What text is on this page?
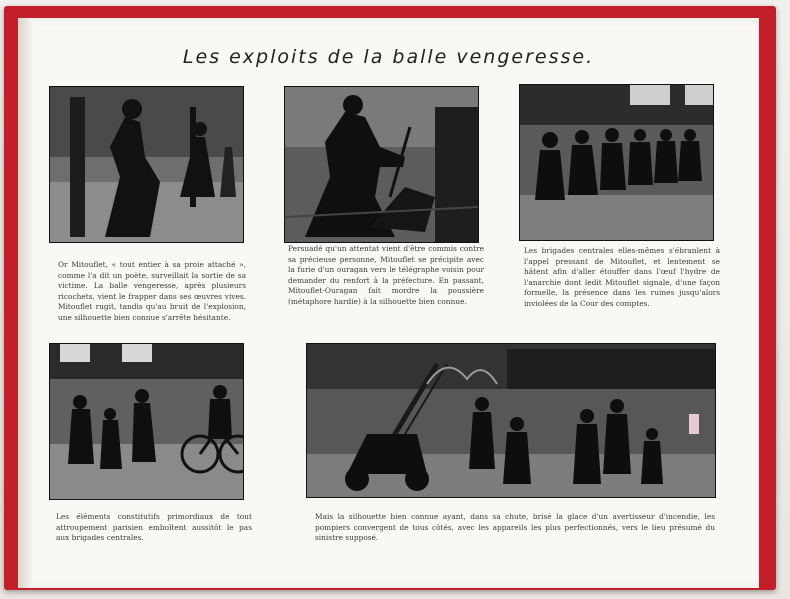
Les exploits de la balle vengeresse.
Or Mitouflet, « tout entier à sa proie attaché », comme l'a dit un poète, surveillait la sortie de sa victime. La balle vengeresse, après plusieurs ricochets, vient le frapper dans ses œuvres vives. Mitouflet rugit, tandis qu'au bruit de l'explosion, une silhouette bien connue s'arrête hésitante.
Persuadé qu'un attentat vient d'être commis contre sa précieuse personne, Mitouflet se précipite avec la furie d'un ouragan vers le télégraphe voisin pour demander du renfort à la préfecture. En passant, Mitouflet-Ouragan fait mordre la poussière (métaphore hardie) à la silhouette bien connue.
Les brigades centrales elles-mêmes s'ébranlent à l'appel pressant de Mitouflet, et lentement se hâtent afin d'aller étouffer dans l'œuf l'hydre de l'anarchie dont ledit Mitouflet signale, d'une façon formelle, la présence dans les ruines jusqu'alors inviolées de la Cour des comptes.
Les éléments constitutifs primordiaux de tout attroupement parisien emboîtent aussitôt le pas aux brigades centrales.
Mais la silhouette bien connue ayant, dans sa chute, brisé la glace d'un avertisseur d'incendie, les pompiers convergent de tous côtés, avec les appareils les plus perfectionnés, vers le lieu présumé du sinistre supposé.
